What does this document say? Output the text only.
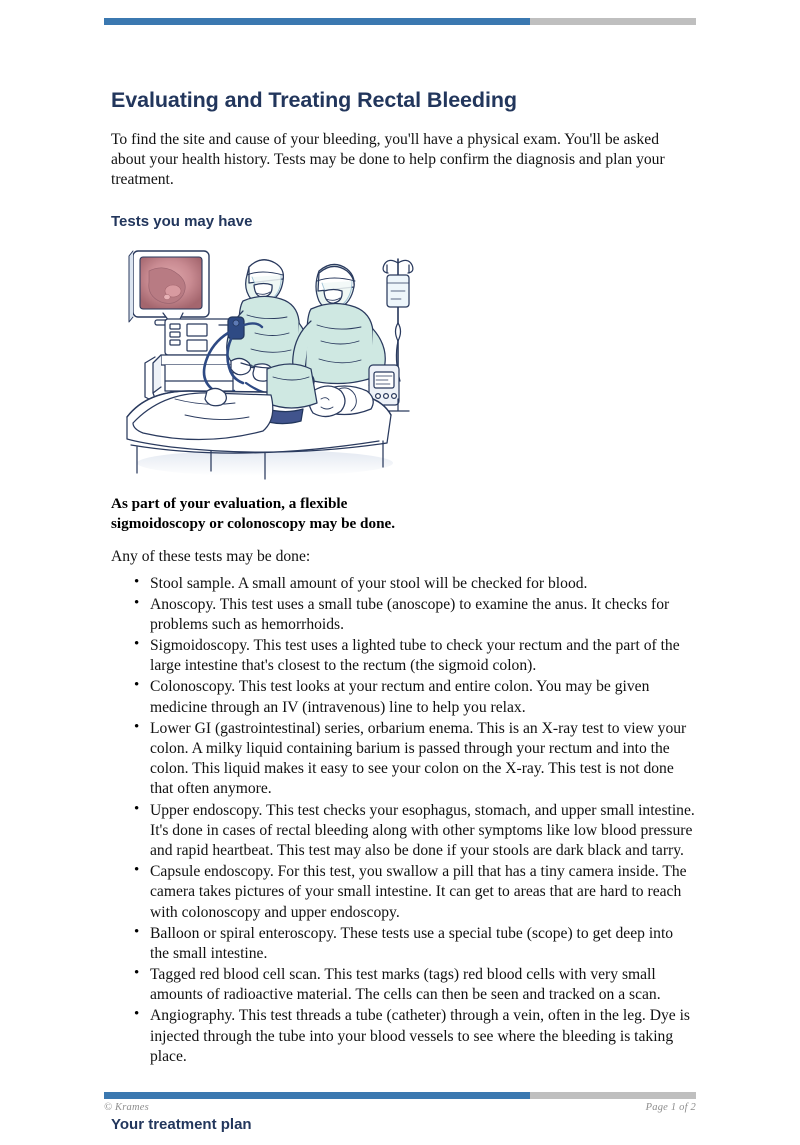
Evaluating and Treating Rectal Bleeding

To find the site and cause of your bleeding, you'll have a physical exam. You'll be asked about your health history. Tests may be done to help confirm the diagnosis and plan your treatment.

Tests you may have

As part of your evaluation, a flexible sigmoidoscopy or colonoscopy may be done.

Any of these tests may be done:

• Stool sample. A small amount of your stool will be checked for blood.
• Anoscopy. This test uses a small tube (anoscope) to examine the anus. It checks for problems such as hemorrhoids.
• Sigmoidoscopy. This test uses a lighted tube to check your rectum and the part of the large intestine that's closest to the rectum (the sigmoid colon).
• Colonoscopy. This test looks at your rectum and entire colon. You may be given medicine through an IV (intravenous) line to help you relax.
• Lower GI (gastrointestinal) series, orbarium enema. This is an X-ray test to view your colon. A milky liquid containing barium is passed through your rectum and into the colon. This liquid makes it easy to see your colon on the X-ray. This test is not done that often anymore.
• Upper endoscopy. This test checks your esophagus, stomach, and upper small intestine. It's done in cases of rectal bleeding along with other symptoms like low blood pressure and rapid heartbeat. This test may also be done if your stools are dark black and tarry.
• Capsule endoscopy. For this test, you swallow a pill that has a tiny camera inside. The camera takes pictures of your small intestine. It can get to areas that are hard to reach with colonoscopy and upper endoscopy.
• Balloon or spiral enteroscopy. These tests use a special tube (scope) to get deep into the small intestine.
• Tagged red blood cell scan. This test marks (tags) red blood cells with very small amounts of radioactive material. The cells can then be seen and tracked on a scan.
• Angiography. This test threads a tube (catheter) through a vein, often in the leg. Dye is injected through the tube into your blood vessels to see where the bleeding is taking place.
Your treatment plan
© Krames	Page 1 of 2
